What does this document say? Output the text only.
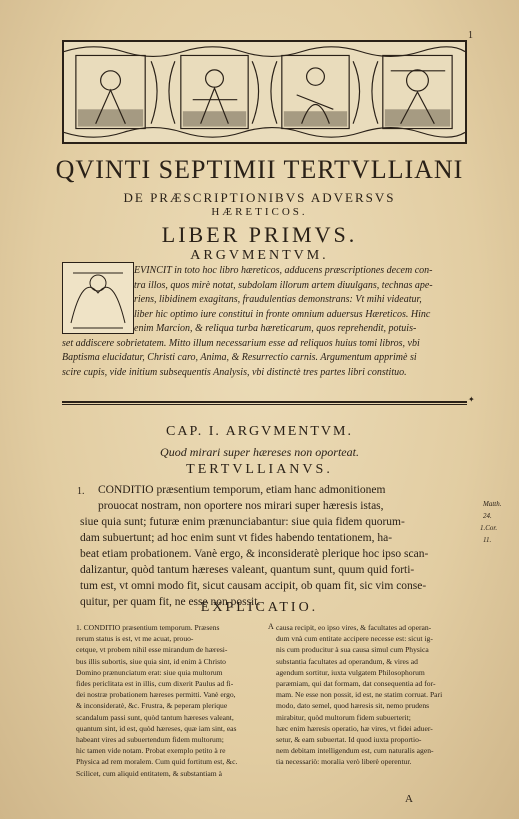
1
QVINTI SEPTIMII TERTVLLIANI
DE PRÆSCRIPTIONIBVS ADVERSVS
HÆRETICOS.
LIBER PRIMVS.
ARGVMENTVM.
EVINCIT in toto hoc libro hæreticos, adducens præscriptiones decem con-
tra illos, quos mirè notat, subdolam illorum artem diuulgans, technas ape-
riens, libidinem exagitans, fraudulentias demonstrans: Vt mihi videatur,
liber hic optimo iure constitui in fronte omnium aduersus Hæreticos. Hinc
enim Marcion, & reliqua turba hæreticarum, quos reprehendit, potuis-
set addiscere sobrietatem. Mitto illum necessarium esse ad reliquos huius tomi libros, vbi
Baptisma elucidatur, Christi caro, Anima, & Resurrectio carnis. Argumentum apprimè si
scire cupis, vide initium subsequentis Analysis, vbi distinctè tres partes libri constituo.
✦
CAP. I. ARGVMENTVM.
Quod mirari super hæreses non oporteat.
TERTVLLIANVS.
1. CONDITIO præsentium temporum, etiam hanc admonitionem
prouocat nostram, non oportere nos mirari super hæresis istas,
siue quia sunt; futuræ enim prænunciabantur: siue quia fidem quorum-
dam subuertunt; ad hoc enim sunt vt fides habendo tentationem, ha-
beat etiam probationem. Vanè ergo, & inconsideratè plerique hoc ipso scan-
dalizantur, quòd tantum hæreses valeant, quantum sunt, quum quid forti-
tum est, vt omni modo fit, sicut causam accipit, ob quam fit, sic vim conse-
quitur, per quam fit, ne esse non possit.
Matth.
24.
1.Cor.
11.
EXPLICATIO.
1. CONDITIO præsentium temporum. Præsens
rerum status is est, vt me acuat, prouo-
cetque, vt probem nihil esse mirandum de hæresi-
bus illis subortis, siue quia sint, id enim à Christo
Domino prænunciatum erat: siue quia multorum
fides periclitata est in illis, cum dixerit Paulus ad fi-
dei nostræ probationem hæreses permitti. Vanè ergo,
& inconsideratè, &c. Frustra, & peperam plerique
scandalum passi sunt, quòd tantum hæreses valeant,
quantum sint, id est, quòd hæreses, quæ iam sint, eas
habeant vires ad subuertendum fidem multorum;
hic tamen vide notam. Probat exemplo petito à re
Physica ad rem moralem. Cum quid fortitum est, &c.
Scilicet, cum aliquid entitatem, & substantiam à
A causa recipit, eo ipso vires, & facultates ad operan-
dum vnà cum entitate accipere necesse est: sicut ig-
nis cum producitur à sua causa simul cum Physica
substantia facultates ad operandum, & vires ad
agendum sortitur, iuxta vulgatem Philosophorum
paræmiam, qui dat formam, dat consequentia ad for-
mam. Ne esse non possit, id est, ne statim corruat. Pari
modo, dato semel, quod hæresis sit, nemo prudens
mirabitur, quòd multorum fidem subuerterit;
hæc enim hæresis operatio, hæ vires, vt fidei aduer-
setur, & eam subuertat. Id quod iuxta proportio-
nem debitam intelligendum est, cum naturalis agen-
tia necessariò: moralia verò liberè operentur.
A
